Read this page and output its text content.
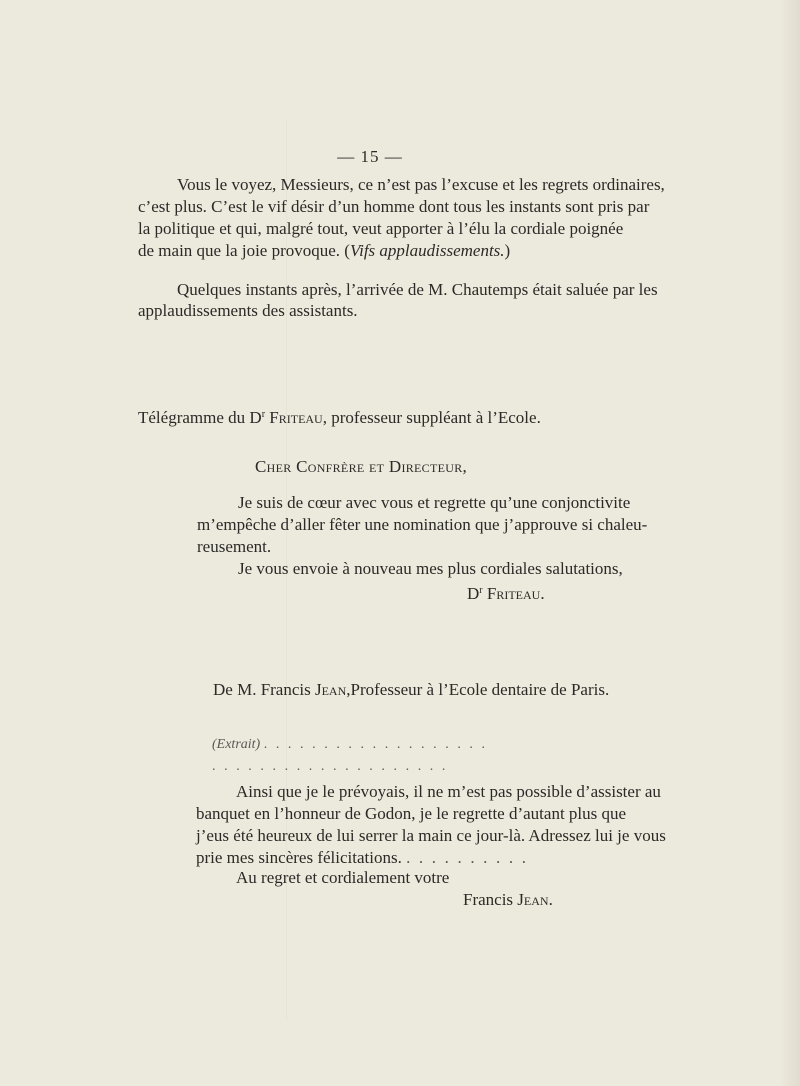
— 15 —
Vous le voyez, Messieurs, ce n’est pas l’excuse et les regrets ordinaires,
c’est plus. C’est le vif désir d’un homme dont tous les instants sont pris par
la politique et qui, malgré tout, veut apporter à l’élu la cordiale poignée
de main que la joie provoque. (Vifs applaudissements.)
Quelques instants après, l’arrivée de M. Chautemps était saluée par les
applaudissements des assistants.
Télégramme du $D^r$ Friteau, professeur suppléant à l’Ecole.
Cher Confrère et Directeur,
Je suis de cœur avec vous et regrette qu’une conjonctivite
m’empêche d’aller fêter une nomination que j’approuve si chaleu-
reusement.
Je vous envoie à nouveau mes plus cordiales salutations,
$D^r$ Friteau.
De M. Francis Jean,Professeur à l’Ecole dentaire de Paris.
(Extrait) ...................
....................
Ainsi que je le prévoyais, il ne m’est pas possible d’assister au
banquet en l’honneur de Godon, je le regrette d’autant plus que
j’eus été heureux de lui serrer la main ce jour-là. Adressez lui je vous
prie mes sincères félicitations. ..........
Au regret et cordialement votre
Francis Jean.
